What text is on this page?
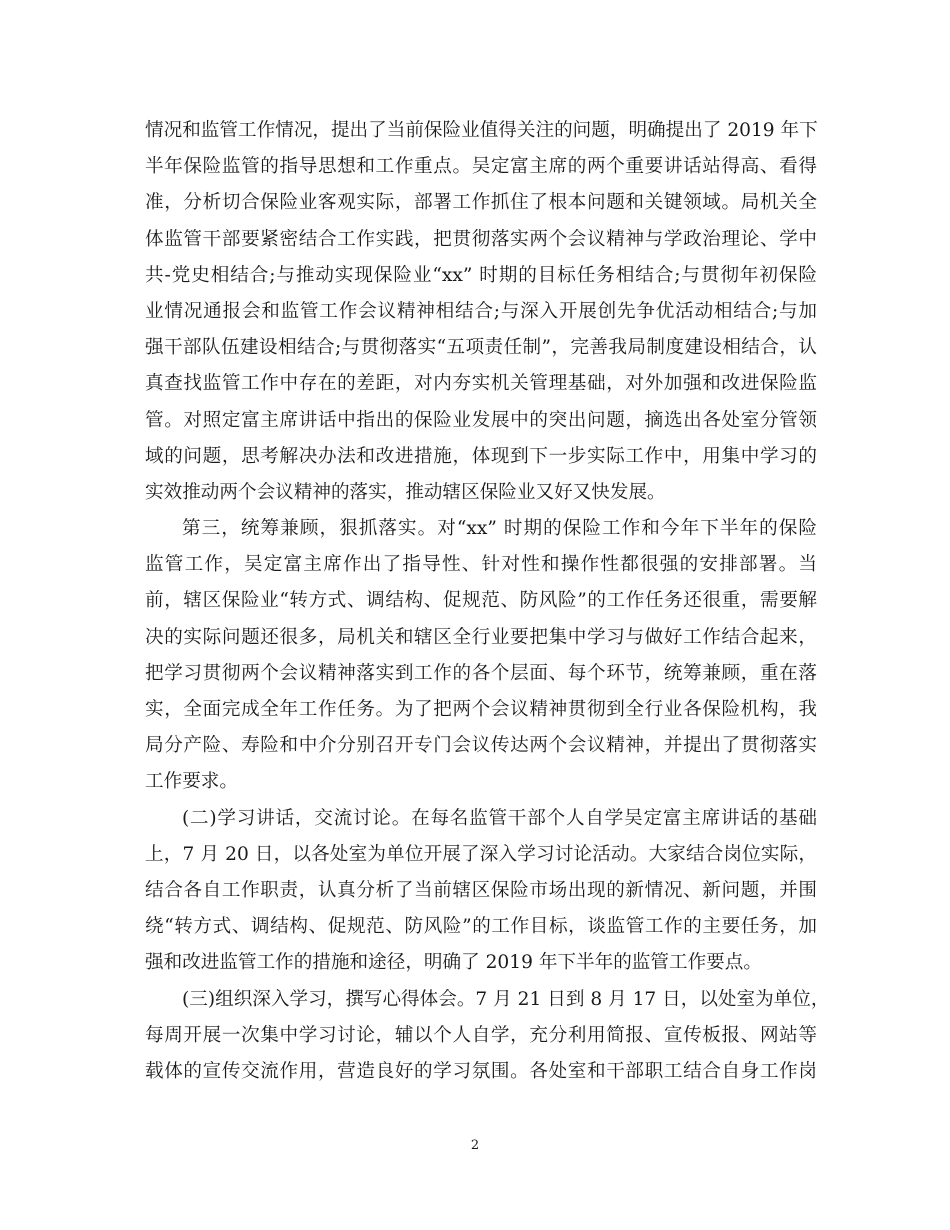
情况和监管工作情况，提出了当前保险业值得关注的问题，明确提出了 2019 年下
半年保险监管的指导思想和工作重点。吴定富主席的两个重要讲话站得高、看得
准，分析切合保险业客观实际，部署工作抓住了根本问题和关键领域。局机关全
体监管干部要紧密结合工作实践，把贯彻落实两个会议精神与学政治理论、学中
共-党史相结合;与推动实现保险业“xx” 时期的目标任务相结合;与贯彻年初保险
业情况通报会和监管工作会议精神相结合;与深入开展创先争优活动相结合;与加
强干部队伍建设相结合;与贯彻落实“五项责任制”，完善我局制度建设相结合，认
真查找监管工作中存在的差距，对内夯实机关管理基础，对外加强和改进保险监
管。对照定富主席讲话中指出的保险业发展中的突出问题，摘选出各处室分管领
域的问题，思考解决办法和改进措施，体现到下一步实际工作中，用集中学习的
实效推动两个会议精神的落实，推动辖区保险业又好又快发展。
第三，统筹兼顾，狠抓落实。对“xx” 时期的保险工作和今年下半年的保险
监管工作，吴定富主席作出了指导性、针对性和操作性都很强的安排部署。当
前，辖区保险业“转方式、调结构、促规范、防风险”的工作任务还很重，需要解
决的实际问题还很多，局机关和辖区全行业要把集中学习与做好工作结合起来，
把学习贯彻两个会议精神落实到工作的各个层面、每个环节，统筹兼顾，重在落
实，全面完成全年工作任务。为了把两个会议精神贯彻到全行业各保险机构，我
局分产险、寿险和中介分别召开专门会议传达两个会议精神，并提出了贯彻落实
工作要求。
(二)学习讲话，交流讨论。在每名监管干部个人自学吴定富主席讲话的基础
上，7 月 20 日，以各处室为单位开展了深入学习讨论活动。大家结合岗位实际，
结合各自工作职责，认真分析了当前辖区保险市场出现的新情况、新问题，并围
绕“转方式、调结构、促规范、防风险”的工作目标，谈监管工作的主要任务，加
强和改进监管工作的措施和途径，明确了 2019 年下半年的监管工作要点。
(三)组织深入学习，撰写心得体会。7 月 21 日到 8 月 17 日，以处室为单位，
每周开展一次集中学习讨论，辅以个人自学，充分利用简报、宣传板报、网站等
载体的宣传交流作用，营造良好的学习氛围。各处室和干部职工结合自身工作岗
2
